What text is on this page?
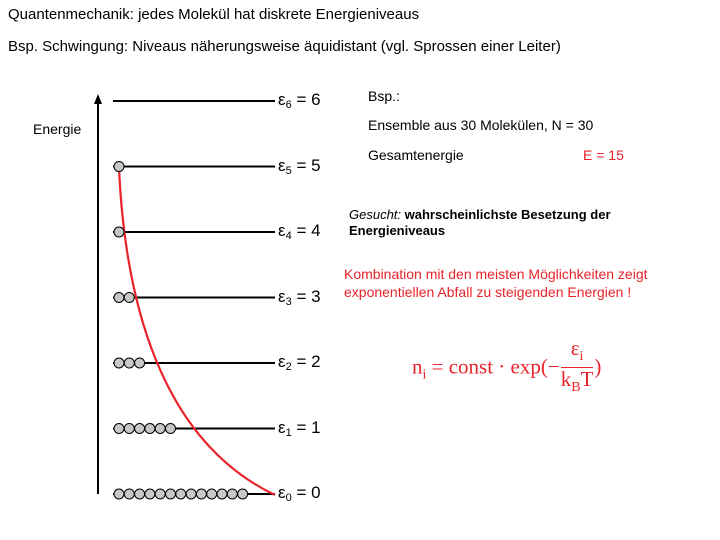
Quantenmechanik: jedes Molekül hat diskrete Energieniveaus
Bsp. Schwingung: Niveaus näherungsweise äquidistant (vgl. Sprossen einer Leiter)
Energie
$\varepsilon_0 = 0$
$\varepsilon_1 = 1$
$\varepsilon_2 = 2$
$\varepsilon_3 = 3$
$\varepsilon_4 = 4$
$\varepsilon_5 = 5$
$\varepsilon_6 = 6$	Bsp.:
Ensemble aus 30 Molekülen, N = 30
Gesamtenergie	E = 15
Gesucht: wahrscheinlichste Besetzung der
Energieniveaus
Kombination mit den meisten Möglichkeiten zeigt
exponentiellen Abfall zu steigenden Energien !
$n_i$ = const · $\exp(- \frac{\varepsilon_i}{k_BT}$ )
